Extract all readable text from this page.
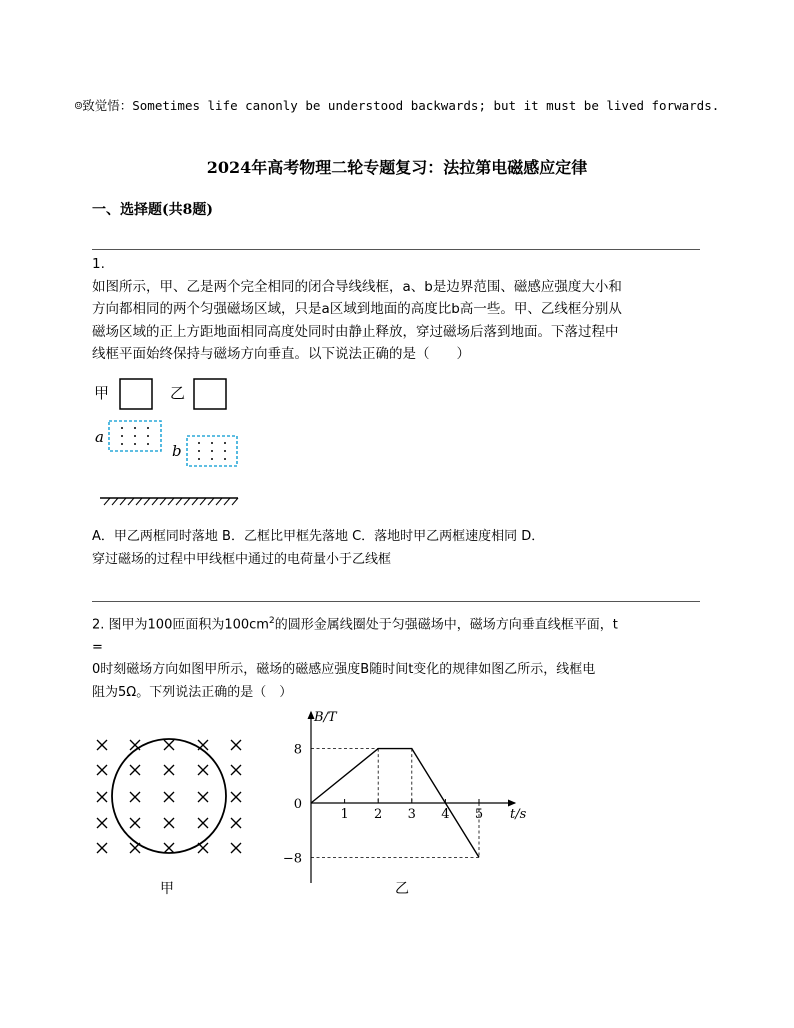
☺致觉悟：Sometimes life canonly be understood backwards; but it must be lived forwards.
2024年高考物理二轮专题复习：法拉第电磁感应定律
一、选择题(共8题)
1.
如图所示，甲、乙是两个完全相同的闭合导线线框，a、b是边界范围、磁感应强度大小和
方向都相同的两个匀强磁场区域，只是a区域到地面的高度比b高一些。甲、乙线框分别从
磁场区域的正上方距地面相同高度处同时由静止释放，穿过磁场后落到地面。下落过程中
线框平面始终保持与磁场方向垂直。以下说法正确的是（　　）
甲	乙
a
b
A．甲乙两框同时落地 B．乙框比甲框先落地 C．落地时甲乙两框速度相同 D．
穿过磁场的过程中甲线框中通过的电荷量小于乙线框
2. 图甲为100匝面积为$100cm^2$的圆形金属线圈处于匀强磁场中，磁场方向垂直线框平面，t
=
0时刻磁场方向如图甲所示，磁场的磁感应强度B随时间t变化的规律如图乙所示，线框电
阻为5Ω。下列说法正确的是（　）
甲
B/T
t/s
1 2 3 4 5
8
0
−8
乙
